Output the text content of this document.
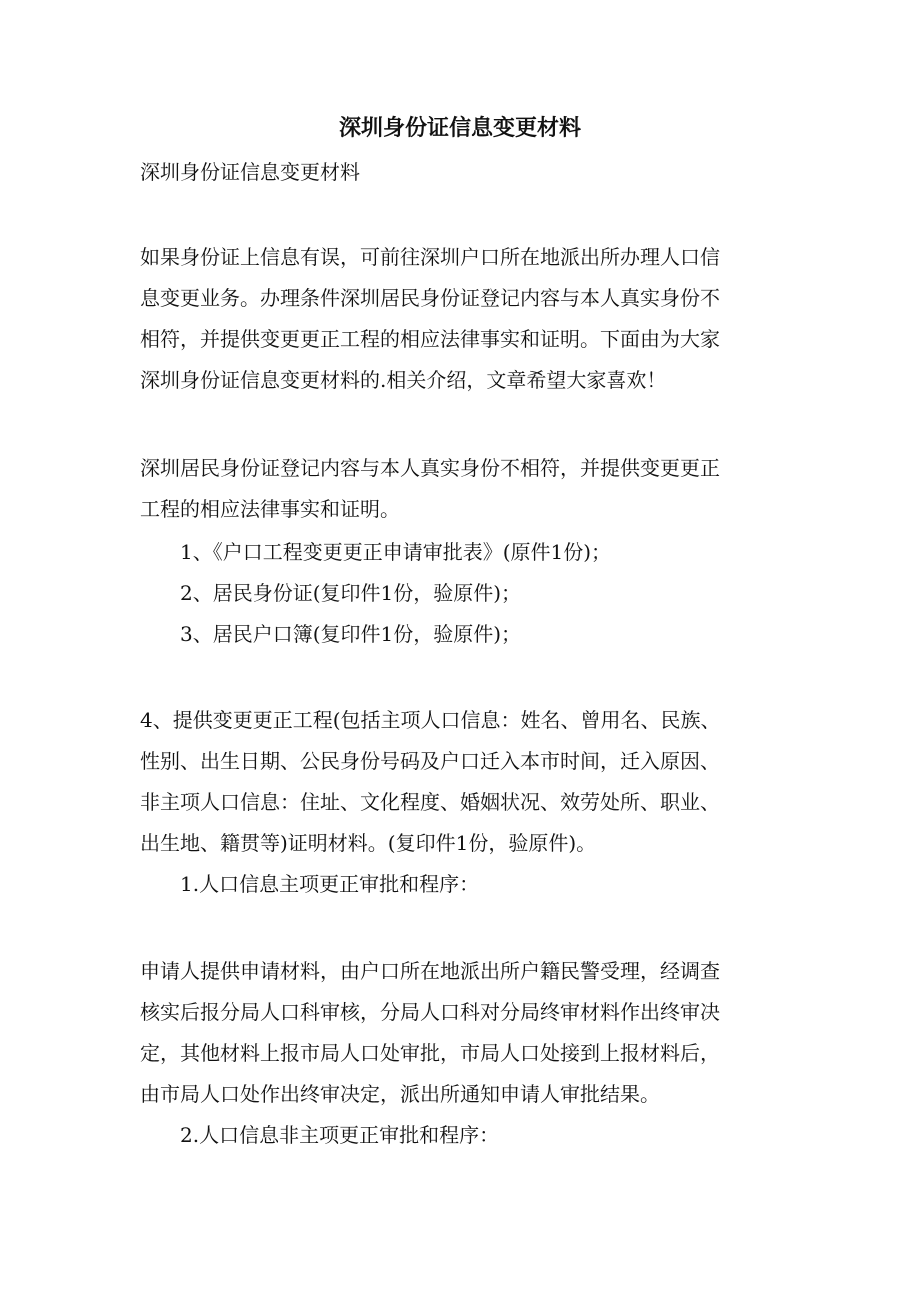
深圳身份证信息变更材料

深圳身份证信息变更材料

如果身份证上信息有误，可前往深圳户口所在地派出所办理人口信
息变更业务。办理条件深圳居民身份证登记内容与本人真实身份不
相符，并提供变更更正工程的相应法律事实和证明。下面由为大家
深圳身份证信息变更材料的.相关介绍，文章希望大家喜欢！

深圳居民身份证登记内容与本人真实身份不相符，并提供变更更正
工程的相应法律事实和证明。

1、《户口工程变更更正申请审批表》(原件1份)；
2、居民身份证(复印件1份，验原件)；
3、居民户口簿(复印件1份，验原件)；

4、提供变更更正工程(包括主项人口信息：姓名、曾用名、民族、
性别、出生日期、公民身份号码及户口迁入本市时间，迁入原因、
非主项人口信息：住址、文化程度、婚姻状况、效劳处所、职业、
出生地、籍贯等)证明材料。(复印件1份，验原件)。
1.人口信息主项更正审批和程序：

申请人提供申请材料，由户口所在地派出所户籍民警受理，经调查
核实后报分局人口科审核，分局人口科对分局终审材料作出终审决
定，其他材料上报市局人口处审批，市局人口处接到上报材料后，
由市局人口处作出终审决定，派出所通知申请人审批结果。
2.人口信息非主项更正审批和程序：
